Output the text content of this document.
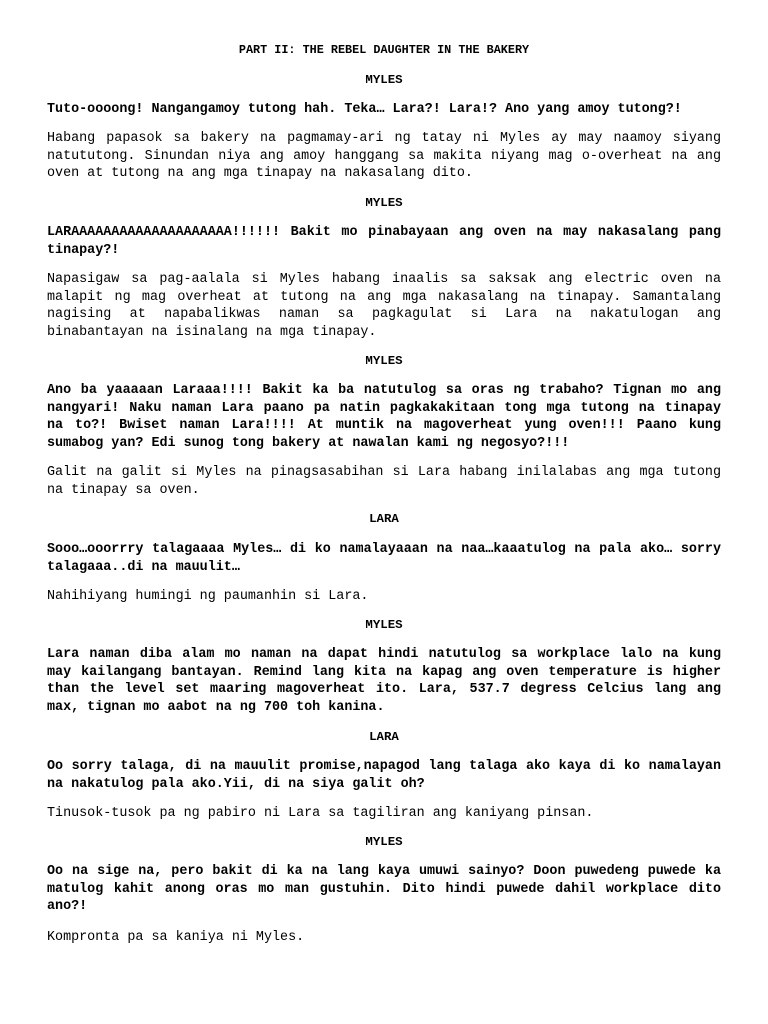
PART II: THE REBEL DAUGHTER IN THE BAKERY
MYLES
Tuto-oooong! Nangangamoy tutong hah. Teka… Lara?! Lara!? Ano yang amoy tutong?!
Habang papasok sa bakery na pagmamay-ari ng tatay ni Myles ay may naamoy siyang natututong. Sinundan niya ang amoy hanggang sa makita niyang mag o-overheat na ang oven at tutong na ang mga tinapay na nakasalang dito.
MYLES
LARAAAAAAAAAAAAAAAAAAAA!!!!!! Bakit mo pinabayaan ang oven na may nakasalang pang tinapay?!
Napasigaw sa pag-aalala si Myles habang inaalis sa saksak ang electric oven na malapit ng mag overheat at tutong na ang mga nakasalang na tinapay. Samantalang nagising at napabalikwas naman sa pagkagulat si Lara na nakatulogan ang binabantayan na isinalang na mga tinapay.
MYLES
Ano ba yaaaaan Laraaa!!!! Bakit ka ba natutulog sa oras ng trabaho? Tignan mo ang nangyari! Naku naman Lara paano pa natin pagkakakitaan tong mga tutong na tinapay na to?! Bwiset naman Lara!!!! At muntik na magoverheat yung oven!!! Paano kung sumabog yan? Edi sunog tong bakery at nawalan kami ng negosyo?!!!
Galit na galit si Myles na pinagsasabihan si Lara habang inilalabas ang mga tutong na tinapay sa oven.
LARA
Sooo…ooorrry talagaaaa Myles… di ko namalayaaan na naa…kaaatulog na pala ako… sorry talagaaa..di na mauulit…
Nahihiyang humingi ng paumanhin si Lara.
MYLES
Lara naman diba alam mo naman na dapat hindi natutulog sa workplace lalo na kung may kailangang bantayan. Remind lang kita na kapag ang oven temperature is higher than the level set maaring magoverheat ito. Lara, 537.7 degress Celcius lang ang max, tignan mo aabot na ng 700 toh kanina.
LARA
Oo sorry talaga, di na mauulit promise,napagod lang talaga ako kaya di ko namalayan na nakatulog pala ako.Yii, di na siya galit oh?
Tinusok-tusok pa ng pabiro ni Lara sa tagiliran ang kaniyang pinsan.
MYLES
Oo na sige na, pero bakit di ka na lang kaya umuwi sainyo? Doon puwedeng puwede ka matulog kahit anong oras mo man gustuhin. Dito hindi puwede dahil workplace dito ano?!
Kompronta pa sa kaniya ni Myles.
